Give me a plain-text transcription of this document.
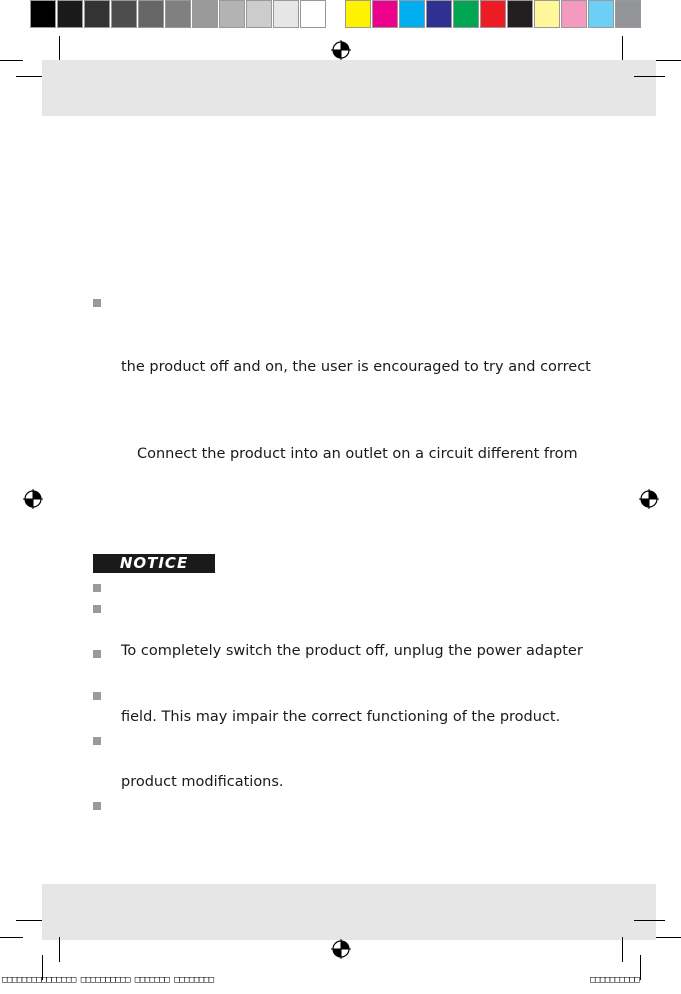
the product off and on, the user is encouraged to try and correct
Connect the product into an outlet on a circuit different from
NOTICE
To completely switch the product off, unplug the power adapter
field. This may impair the correct functioning of the product.
product modifications.
□□□□□□□□□□□□□□□ □□□□□□□□□□ □□□□□□□ □□□□□□□□	□□□□□□□□□□
